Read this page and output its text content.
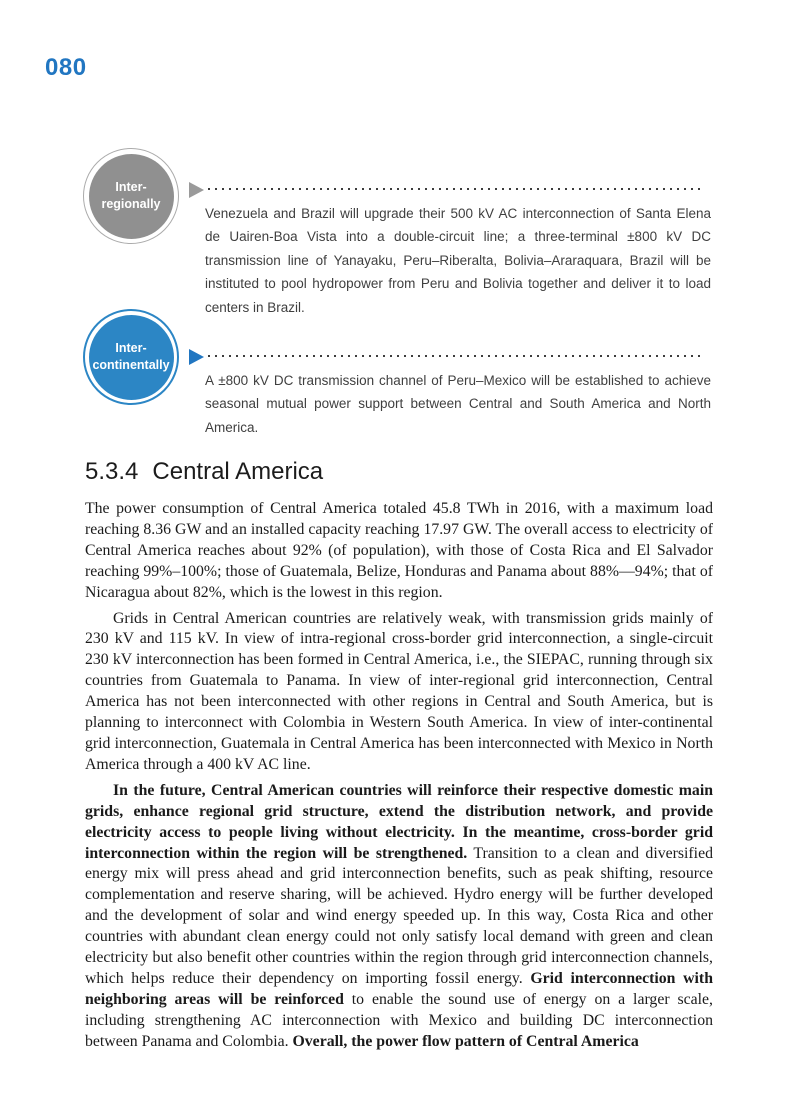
080
Inter-
regionally
Venezuela and Brazil will upgrade their 500 kV AC interconnection of Santa Elena de Uairen-Boa Vista into a double-circuit line; a three-terminal ±800 kV DC transmission line of Yanayaku, Peru–Riberalta, Bolivia–Araraquara, Brazil will be instituted to pool hydropower from Peru and Bolivia together and deliver it to load centers in Brazil.
Inter-
continentally
A ±800 kV DC transmission channel of Peru–Mexico will be established to achieve seasonal mutual power support between Central and South America and North America.
5.3.4 Central America

The power consumption of Central America totaled 45.8 TWh in 2016, with a maximum load reaching 8.36 GW and an installed capacity reaching 17.97 GW. The overall access to electricity of Central America reaches about 92% (of population), with those of Costa Rica and El Salvador reaching 99%–100%; those of Guatemala, Belize, Honduras and Panama about 88%—94%; that of Nicaragua about 82%, which is the lowest in this region.

Grids in Central American countries are relatively weak, with transmission grids mainly of 230 kV and 115 kV. In view of intra-regional cross-border grid interconnection, a single-circuit 230 kV interconnection has been formed in Central America, i.e., the SIEPAC, running through six countries from Guatemala to Panama. In view of inter-regional grid interconnection, Central America has not been interconnected with other regions in Central and South America, but is planning to interconnect with Colombia in Western South America. In view of inter-continental grid interconnection, Guatemala in Central America has been interconnected with Mexico in North America through a 400 kV AC line.

In the future, Central American countries will reinforce their respective domestic main grids, enhance regional grid structure, extend the distribution network, and provide electricity access to people living without electricity. In the meantime, cross-border grid interconnection within the region will be strengthened. Transition to a clean and diversified energy mix will press ahead and grid interconnection benefits, such as peak shifting, resource complementation and reserve sharing, will be achieved. Hydro energy will be further developed and the development of solar and wind energy speeded up. In this way, Costa Rica and other countries with abundant clean energy could not only satisfy local demand with green and clean electricity but also benefit other countries within the region through grid interconnection channels, which helps reduce their dependency on importing fossil energy. Grid interconnection with neighboring areas will be reinforced to enable the sound use of energy on a larger scale, including strengthening AC interconnection with Mexico and building DC interconnection between Panama and Colombia. Overall, the power flow pattern of Central America
